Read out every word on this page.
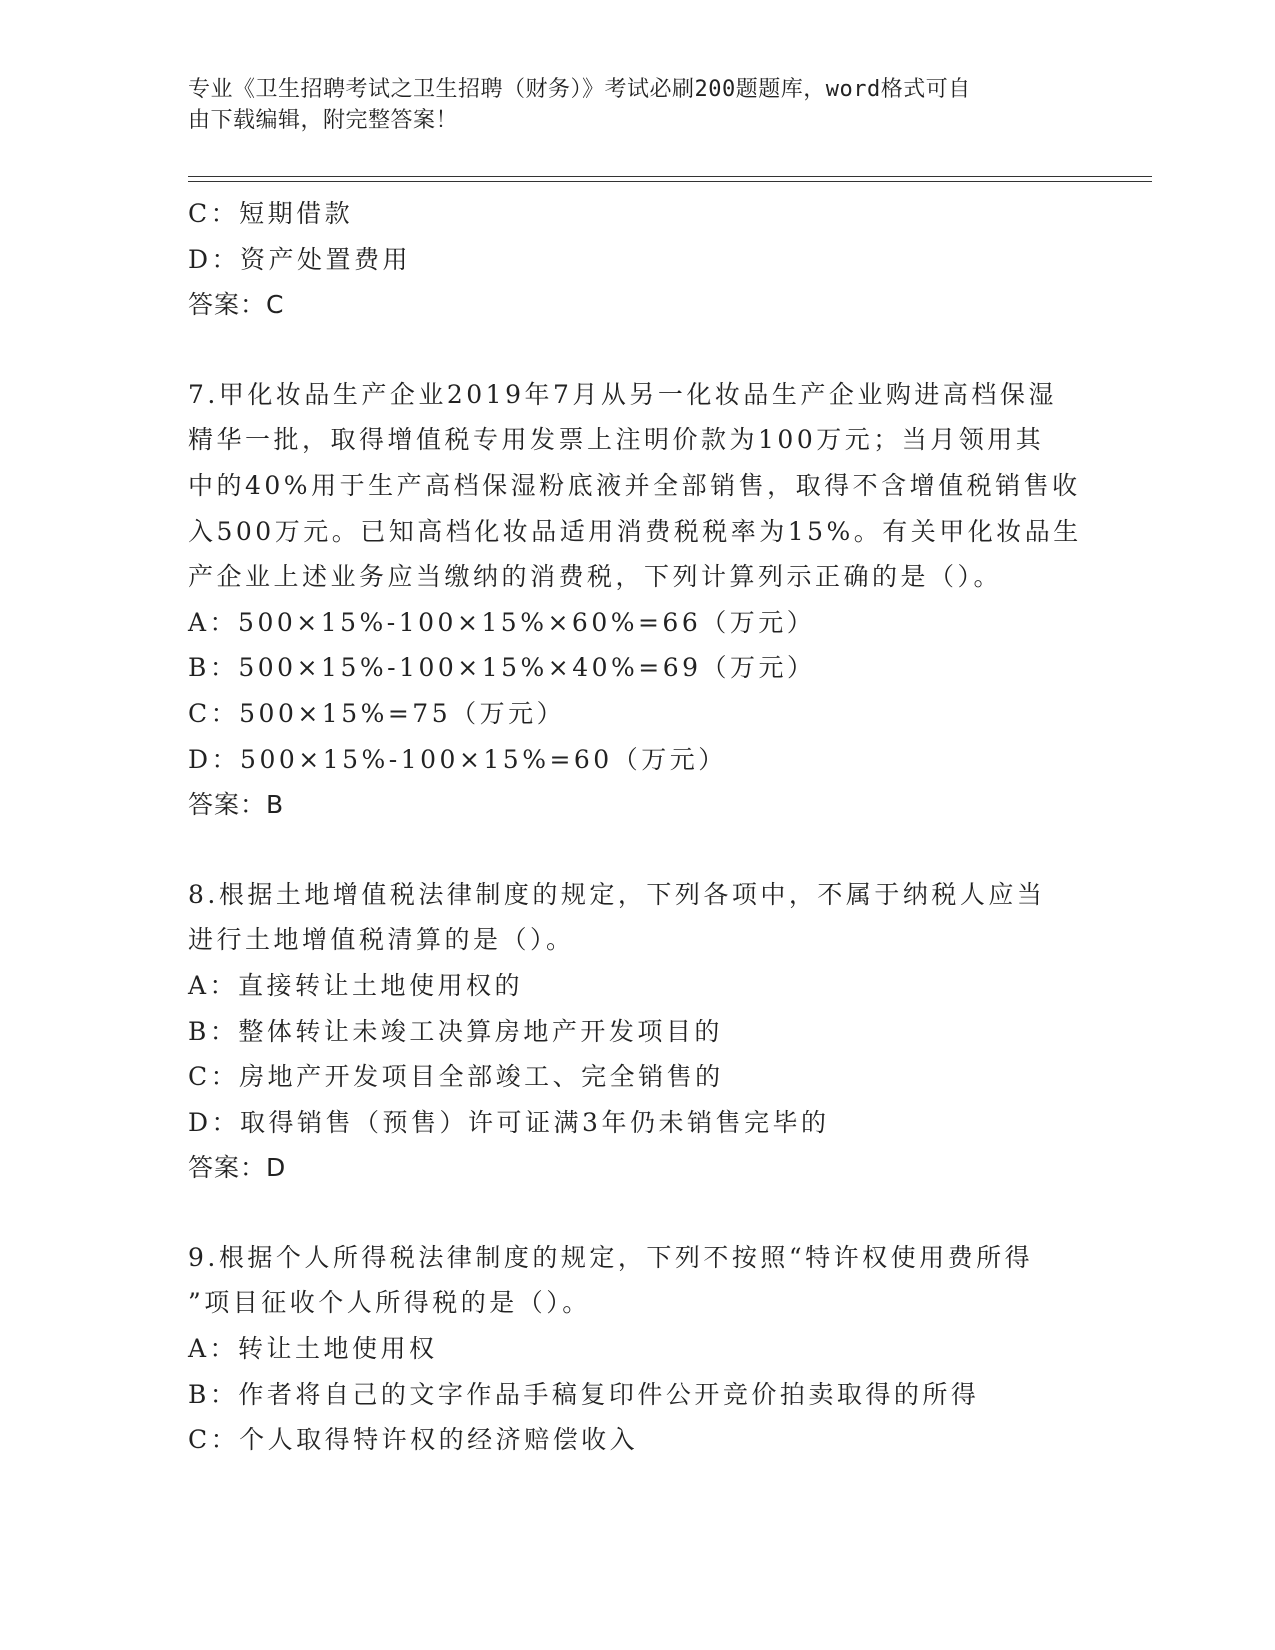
专业《卫生招聘考试之卫生招聘（财务）》考试必刷200题题库，word格式可自
由下载编辑，附完整答案！
C：短期借款
D：资产处置费用
答案：C
7.甲化妆品生产企业2019年7月从另一化妆品生产企业购进高档保湿
精华一批，取得增值税专用发票上注明价款为100万元；当月领用其
中的40%用于生产高档保湿粉底液并全部销售，取得不含增值税销售收
入500万元。已知高档化妆品适用消费税税率为15%。有关甲化妆品生
产企业上述业务应当缴纳的消费税，下列计算列示正确的是（）。
A：500×15%-100×15%×60%=66（万元）
B：500×15%-100×15%×40%=69（万元）
C：500×15%=75（万元）
D：500×15%-100×15%=60（万元）
答案：B
8.根据土地增值税法律制度的规定，下列各项中，不属于纳税人应当
进行土地增值税清算的是（）。
A：直接转让土地使用权的
B：整体转让未竣工决算房地产开发项目的
C：房地产开发项目全部竣工、完全销售的
D：取得销售（预售）许可证满3年仍未销售完毕的
答案：D
9.根据个人所得税法律制度的规定，下列不按照“特许权使用费所得
”项目征收个人所得税的是（）。
A：转让土地使用权
B：作者将自己的文字作品手稿复印件公开竞价拍卖取得的所得
C：个人取得特许权的经济赔偿收入
